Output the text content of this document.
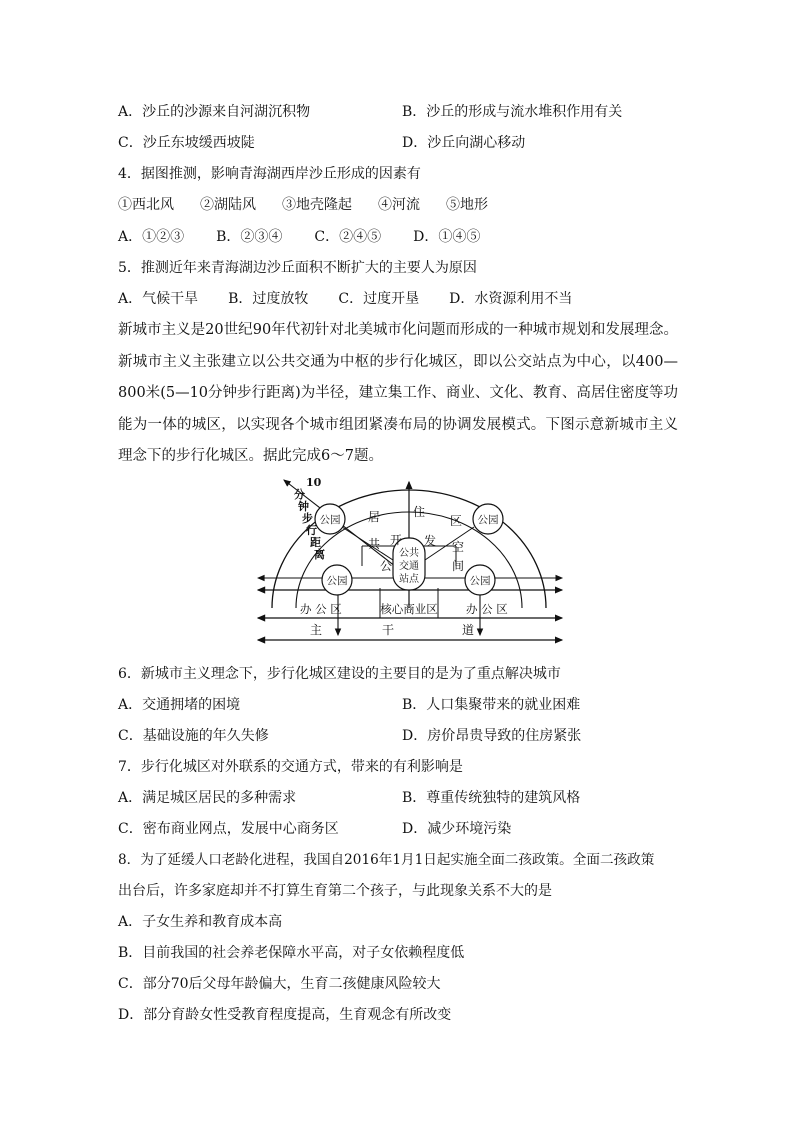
A．沙丘的沙源来自河湖沉积物	B．沙丘的形成与流水堆积作用有关
C．沙丘东坡缓西坡陡	D．沙丘向湖心移动
4．据图推测，影响青海湖西岸沙丘形成的因素有
①西北风 ②湖陆风 ③地壳隆起 ④河流 ⑤地形
A．①②③ B．②③④ C．②④⑤ D．①④⑤
5．推测近年来青海湖边沙丘面积不断扩大的主要人为原因
A．气候干旱 B．过度放牧 C．过度开垦 D．水资源利用不当
新城市主义是20世纪90年代初针对北美城市化问题而形成的一种城市规划和发展理念。新城市主义主张建立以公共交通为中枢的步行化城区，即以公交站点为中心，以400—800米(5—10分钟步行距离)为半径，建立集工作、商业、文化、教育、高居住密度等功能为一体的城区，以实现各个城市组团紧凑布局的协调发展模式。下图示意新城市主义理念下的步行化城区。据此完成6～7题。
10
分
钟
步
行
距
离
公园	公园
公园	公园
公共
交通
站点
居	住
区
共 开 发 空
间
公
办 公 区	核心商业区 办 公 区
主	干	道
6．新城市主义理念下，步行化城区建设的主要目的是为了重点解决城市
A．交通拥堵的困境	B．人口集聚带来的就业困难
C．基础设施的年久失修	D．房价昂贵导致的住房紧张
7．步行化城区对外联系的交通方式，带来的有利影响是
A．满足城区居民的多种需求	B．尊重传统独特的建筑风格
C．密布商业网点，发展中心商务区	D．减少环境污染
8．为了延缓人口老龄化进程，我国自2016年1月1日起实施全面二孩政策。全面二孩政策
出台后，许多家庭却并不打算生育第二个孩子，与此现象关系不大的是
A．子女生养和教育成本高
B．目前我国的社会养老保障水平高，对子女依赖程度低
C．部分70后父母年龄偏大，生育二孩健康风险较大
D．部分育龄女性受教育程度提高，生育观念有所改变
